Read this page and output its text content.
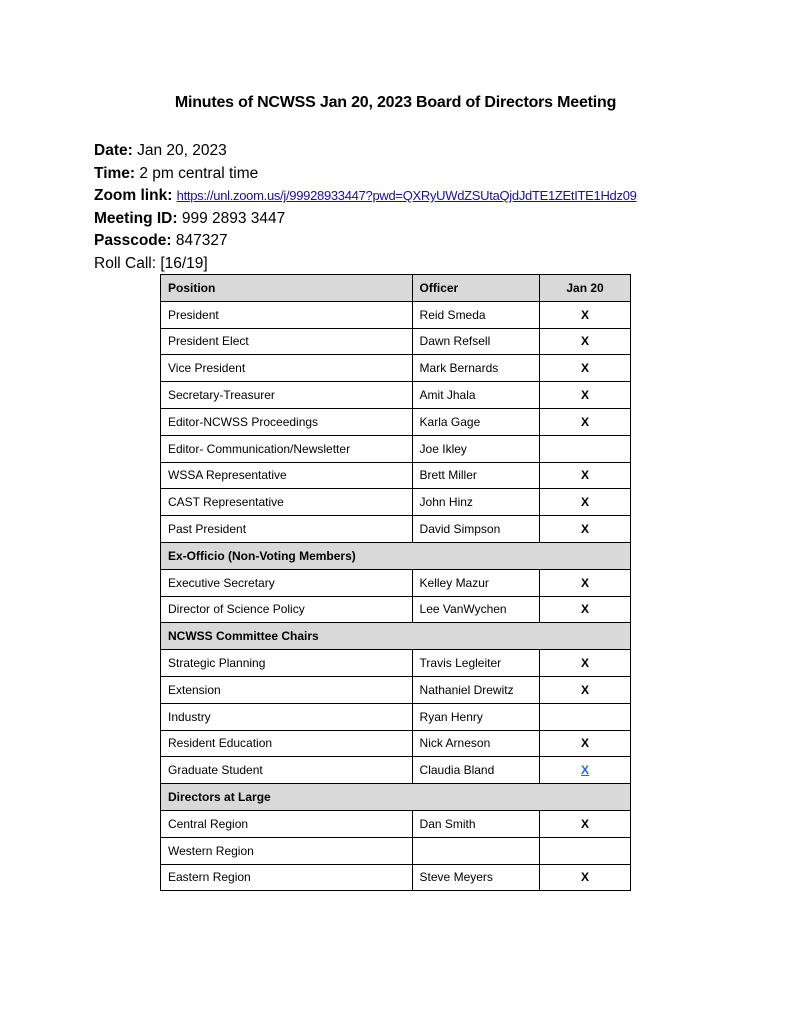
Minutes of NCWSS Jan 20, 2023 Board of Directors Meeting
Date: Jan 20, 2023
Time: 2 pm central time
Zoom link: https://unl.zoom.us/j/99928933447?pwd=QXRyUWdZSUtaQjdJdTE1ZEtITE1Hdz09
Meeting ID: 999 2893 3447
Passcode: 847327
Roll Call: [16/19]
Position	Officer	Jan 20
President	Reid Smeda	X
President Elect	Dawn Refsell	X
Vice President	Mark Bernards	X
Secretary-Treasurer	Amit Jhala	X
Editor-NCWSS Proceedings	Karla Gage	X
Editor- Communication/Newsletter	Joe Ikley	
WSSA Representative	Brett Miller	X
CAST Representative	John Hinz	X
Past President	David Simpson	X
Ex-Officio (Non-Voting Members)		
Executive Secretary	Kelley Mazur	X
Director of Science Policy	Lee VanWychen	X
NCWSS Committee Chairs		
Strategic Planning	Travis Legleiter	X
Extension	Nathaniel Drewitz	X
Industry	Ryan Henry	
Resident Education	Nick Arneson	X
Graduate Student	Claudia Bland	X
Directors at Large		
Central Region	Dan Smith	X
Western Region		
Eastern Region	Steve Meyers	X
